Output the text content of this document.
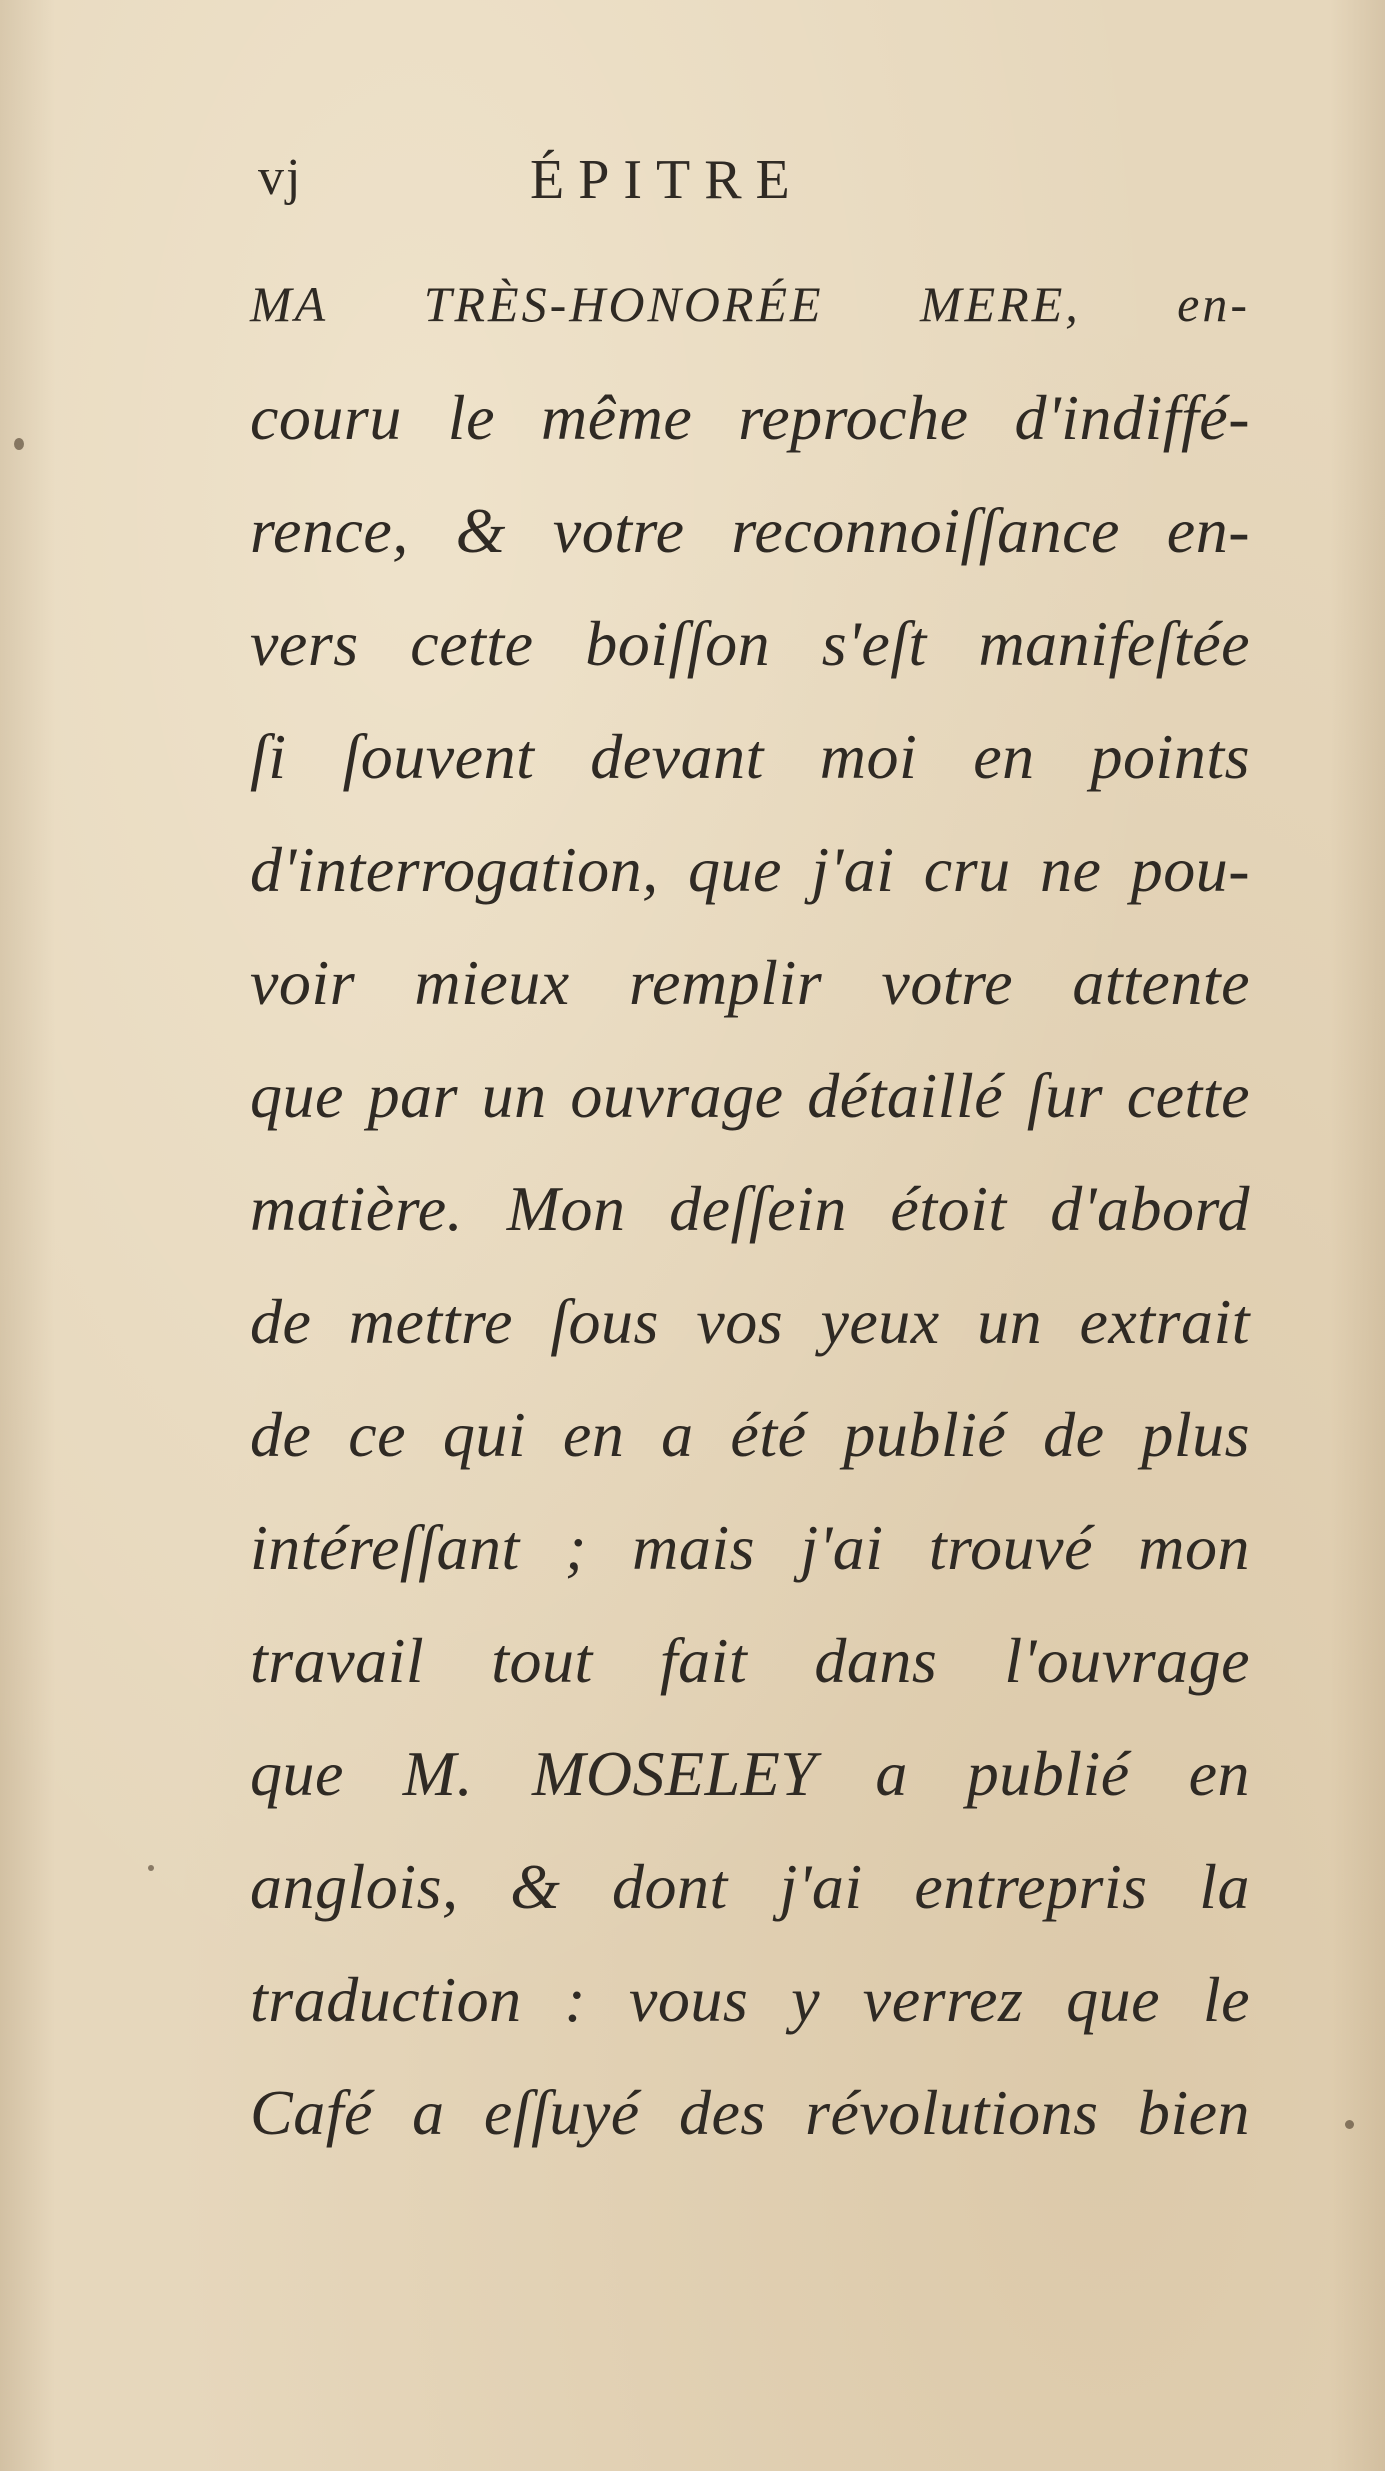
vj	ÉPITRE
MA TRÈS-HONORÉE MERE, en-
couru le même reproche d'indiffé-
rence, & votre reconnoiſſance en-
vers cette boiſſon s'eſt manifeſtée
ſi ſouvent devant moi en points
d'interrogation, que j'ai cru ne pou-
voir mieux remplir votre attente
que par un ouvrage détaillé ſur cette
matière. Mon deſſein étoit d'abord
de mettre ſous vos yeux un extrait
de ce qui en a été publié de plus
intéreſſant ; mais j'ai trouvé mon
travail tout fait dans l'ouvrage
que M. MOSELEY a publié en
anglois, & dont j'ai entrepris la
traduction : vous y verrez que le
Café a eſſuyé des révolutions bien
